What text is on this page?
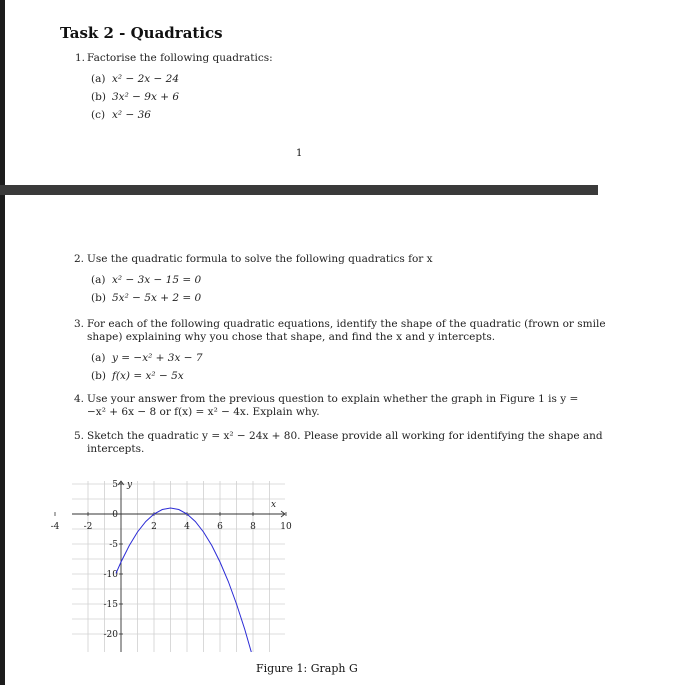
Task 2 - Quadratics
1. Factorise the following quadratics:
(a) x² − 2x − 24
(b) 3x² − 9x + 6
(c) x² − 36
1
2. Use the quadratic formula to solve the following quadratics for x
(a) x² − 3x − 15 = 0
(b) 5x² − 5x + 2 = 0
3. For each of the following quadratic equations, identify the shape of the quadratic (frown or smile
shape) explaining why you chose that shape, and find the x and y intercepts.
(a) y = −x² + 3x − 7
(b) f(x) = x² − 5x
4. Use your answer from the previous question to explain whether the graph in Figure 1 is y =
−x² + 6x − 8 or f(x) = x² − 4x. Explain why.
5. Sketch the quadratic y = x² − 24x + 80. Please provide all working for identifying the shape and
intercepts.
x
y
-4	-2	2	4	6	8	10
5
0
-5
-10
-15
-20
Figure 1: Graph G
